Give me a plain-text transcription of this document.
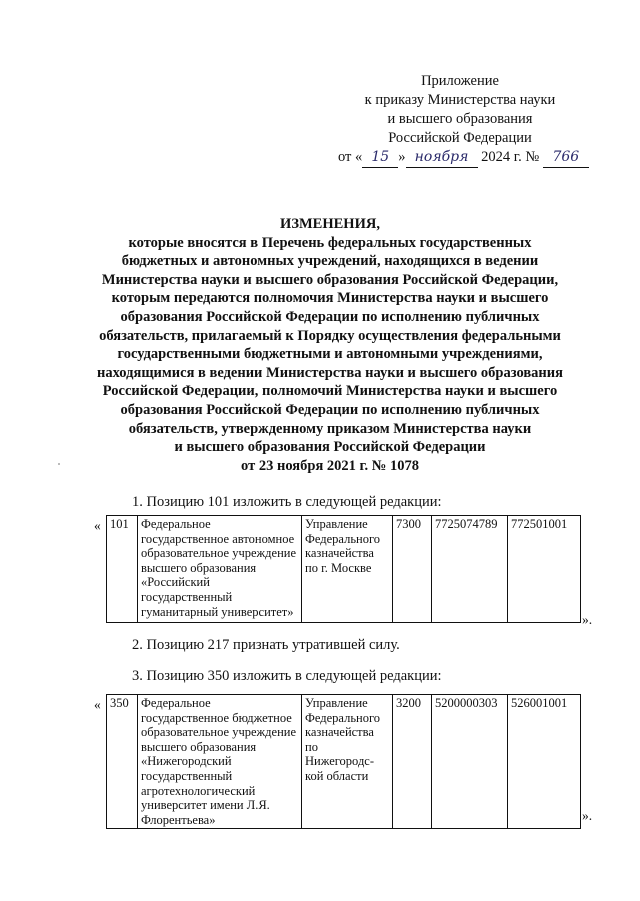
Приложение
к приказу Министерства науки
и высшего образования
Российской Федерации
от « 15 » ноября 2024 г. № 766
ИЗМЕНЕНИЯ,
которые вносятся в Перечень федеральных государственных
бюджетных и автономных учреждений, находящихся в ведении
Министерства науки и высшего образования Российской Федерации,
которым передаются полномочия Министерства науки и высшего
образования Российской Федерации по исполнению публичных
обязательств, прилагаемый к Порядку осуществления федеральными
государственными бюджетными и автономными учреждениями,
находящимися в ведении Министерства науки и высшего образования
Российской Федерации, полномочий Министерства науки и высшего
образования Российской Федерации по исполнению публичных
обязательств, утвержденному приказом Министерства науки
и высшего образования Российской Федерации
от 23 ноября 2021 г. № 1078
1. Позицию 101 изложить в следующей редакции:
« 101	Федеральное государственное автономное образовательное учреждение высшего образования «Российский государственный гуманитарный университет»	Управление Федерального казначейства по г. Москве	7300	7725074789	772501001
».
2. Позицию 217 признать утратившей силу.
3. Позицию 350 изложить в следующей редакции:
« 350	Федеральное государственное бюджетное образовательное учреждение высшего образования «Нижегородский государственный агротехнологический университет имени Л.Я. Флорентьева»	Управление Федерального казначейства по Нижегородс-кой области	3200	5200000303	526001001
».
